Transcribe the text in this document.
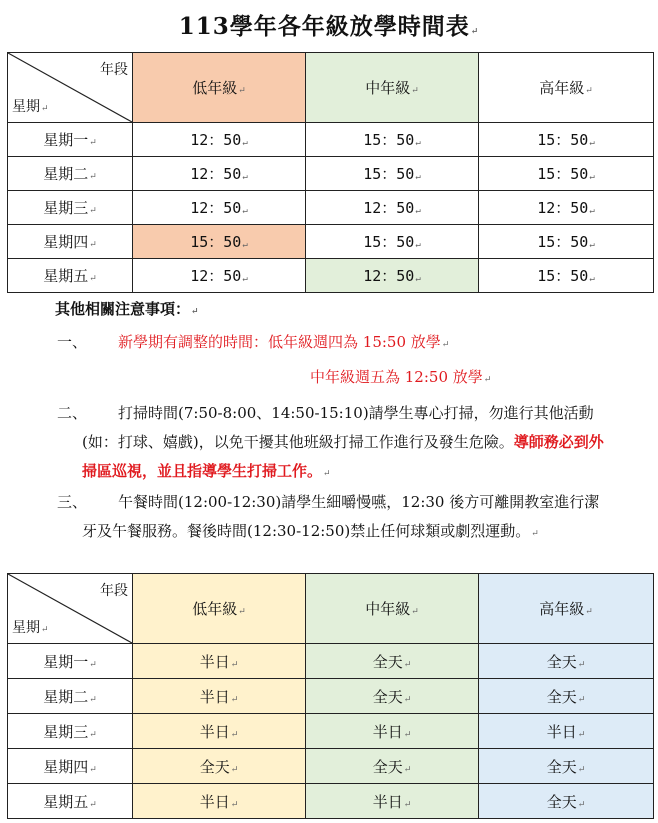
113學年各年級放學時間表 ↵
年段
星期 ↵	低年級 ↵	中年級 ↵	高年級 ↵
星期一 ↵	12：50 ↵	15：50 ↵	15：50 ↵
星期二 ↵	12：50 ↵	15：50 ↵	15：50 ↵
星期三 ↵	12：50 ↵	12：50 ↵	12：50 ↵
星期四 ↵	15：50 ↵	15：50 ↵	15：50 ↵
星期五 ↵	12：50 ↵	12：50 ↵	15：50 ↵
其他相關注意事項： ↵
一、 新學期有調整的時間：低年級週四為 15:50 放學 ↵
中年級週五為 12:50 放學 ↵
二、	打掃時間(7:50-8:00、14:50-15:10)請學生專心打掃，勿進行其他活動(如：打球、嬉戲)，以免干擾其他班級打掃工作進行及發生危險。導師務必到外掃區巡視，並且指導學生打掃工作。 ↵
三、	午餐時間(12:00-12:30)請學生細嚼慢嚥，12:30 後方可離開教室進行潔牙及午餐服務。餐後時間(12:30-12:50)禁止任何球類或劇烈運動。 ↵
年段
星期 ↵	低年級 ↵	中年級 ↵	高年級 ↵
星期一 ↵	半日 ↵	全天 ↵	全天 ↵
星期二 ↵	半日 ↵	全天 ↵	全天 ↵
星期三 ↵	半日 ↵	半日 ↵	半日 ↵
星期四 ↵	全天 ↵	全天 ↵	全天 ↵
星期五 ↵	半日 ↵	半日 ↵	全天 ↵
